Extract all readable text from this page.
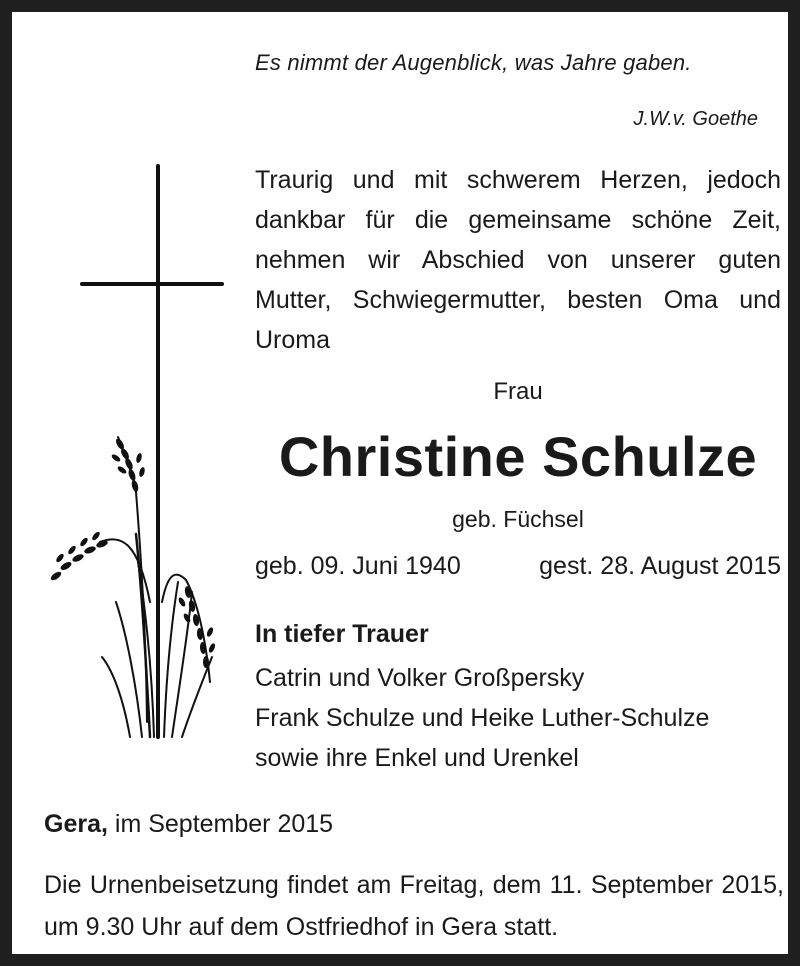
Es nimmt der Augenblick, was Jahre gaben.
J.W.v. Goethe
Traurig und mit schwerem Herzen, jedoch dankbar für die gemeinsame schöne Zeit, nehmen wir Abschied von unserer guten Mutter, Schwiegermutter, besten Oma und Uroma
Frau
Christine Schulze
geb. Füchsel
geb. 09. Juni 1940	gest. 28. August 2015
In tiefer Trauer
Catrin und Volker Großpersky
Frank Schulze und Heike Luther-Schulze
sowie ihre Enkel und Urenkel
Gera, im September 2015
Die Urnenbeisetzung findet am Freitag, dem 11. September 2015, um 9.30 Uhr auf dem Ostfriedhof in Gera statt.
